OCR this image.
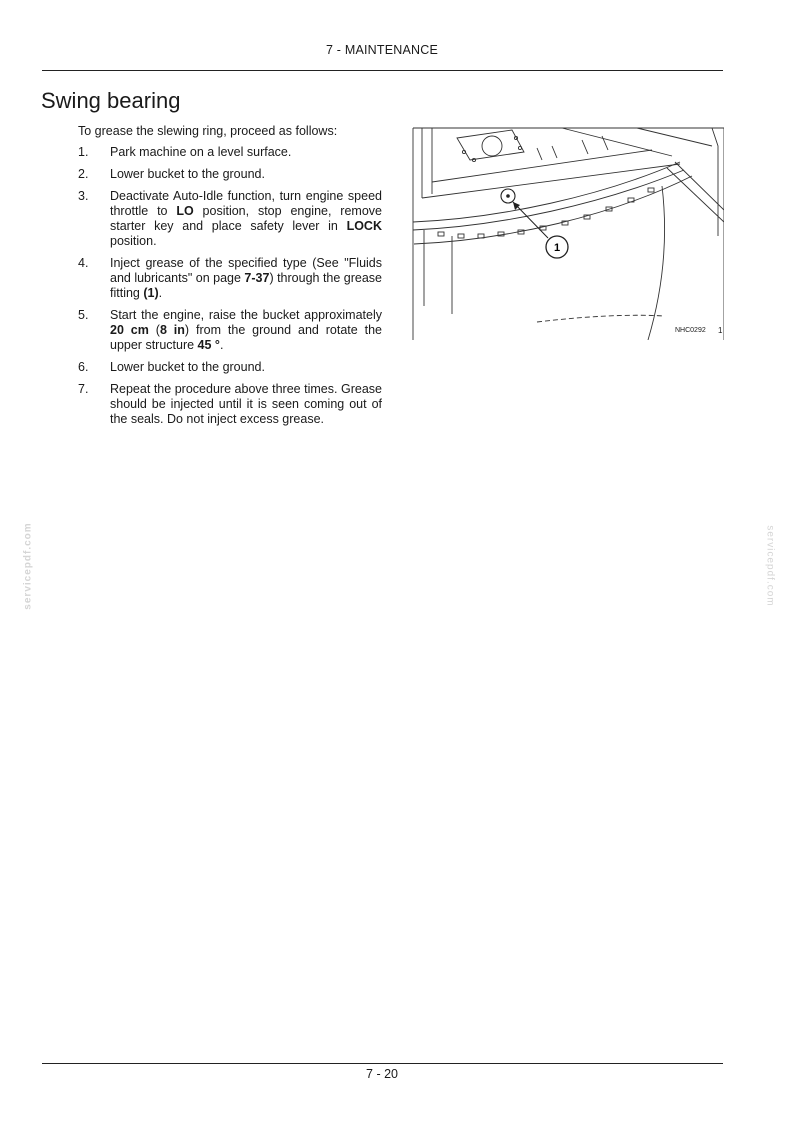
7 - MAINTENANCE
Swing bearing

To grease the slewing ring, proceed as follows:

1.	Park machine on a level surface.
2.	Lower bucket to the ground.
3.	Deactivate Auto-Idle function, turn engine speed throttle to LO position, stop engine, remove starter key and place safety lever in LOCK position.
4.	Inject grease of the specified type (See "Fluids and lubricants" on page 7-37) through the grease fitting (1).
5.	Start the engine, raise the bucket approximately 20 cm (8 in) from the ground and rotate the upper structure 45 °.
6.	Lower bucket to the ground.
7.	Repeat the procedure above three times. Grease should be injected until it is seen coming out of the seals. Do not inject excess grease.
1
NHC0292 1
7 - 20
servicepdf.com	servicepdf.com
